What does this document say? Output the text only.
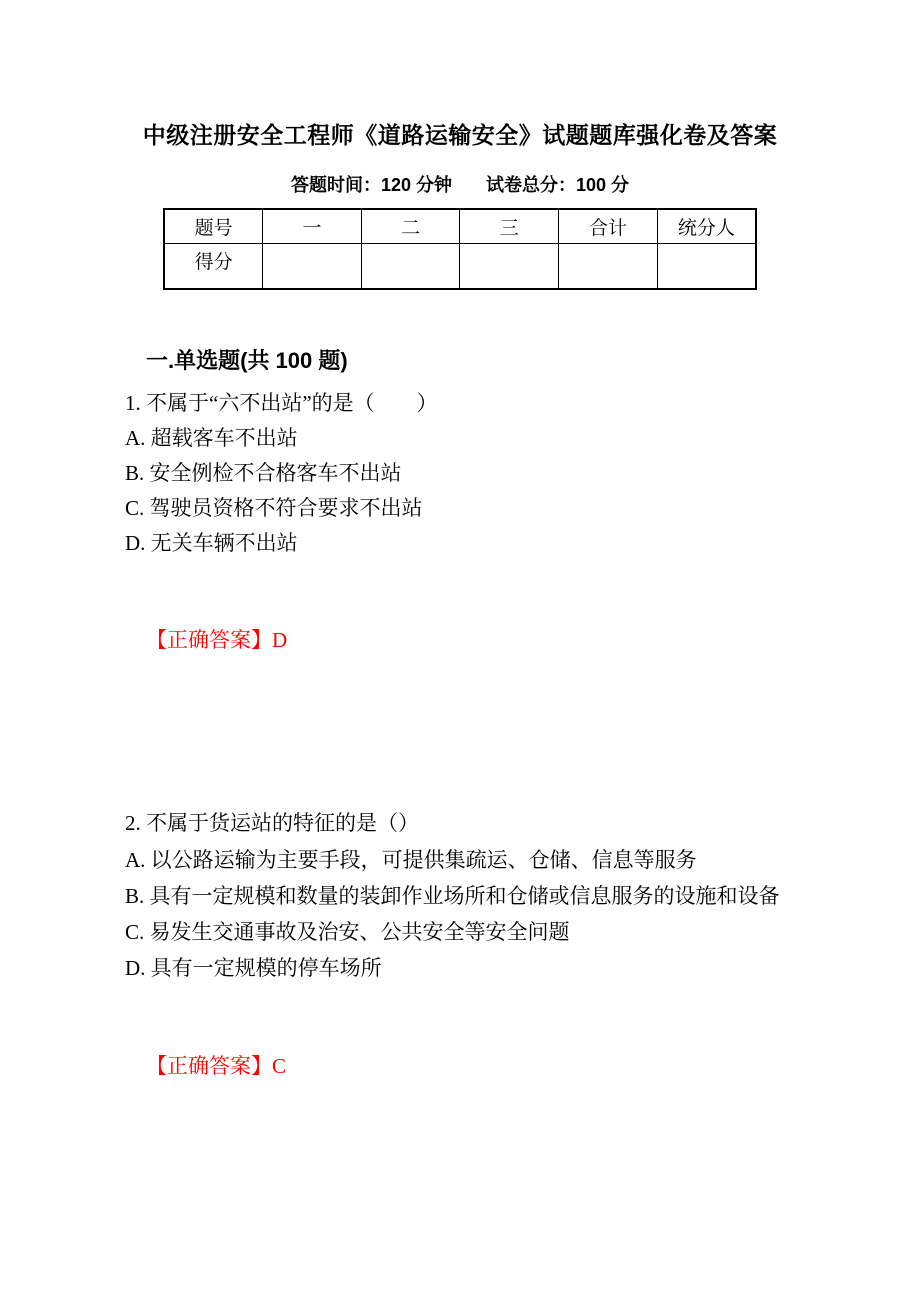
中级注册安全工程师《道路运输安全》试题题库强化卷及答案
答题时间：120 分钟 试卷总分：100 分
题号	一	二	三	合计	统分人
得分					
一.单选题(共 100 题)
1. 不属于“六不出站”的是（　　）
A. 超载客车不出站
B. 安全例检不合格客车不出站
C. 驾驶员资格不符合要求不出站
D. 无关车辆不出站

【正确答案】D

2. 不属于货运站的特征的是（）
A. 以公路运输为主要手段，可提供集疏运、仓储、信息等服务
B. 具有一定规模和数量的装卸作业场所和仓储或信息服务的设施和设备
C. 易发生交通事故及治安、公共安全等安全问题
D. 具有一定规模的停车场所

【正确答案】C
